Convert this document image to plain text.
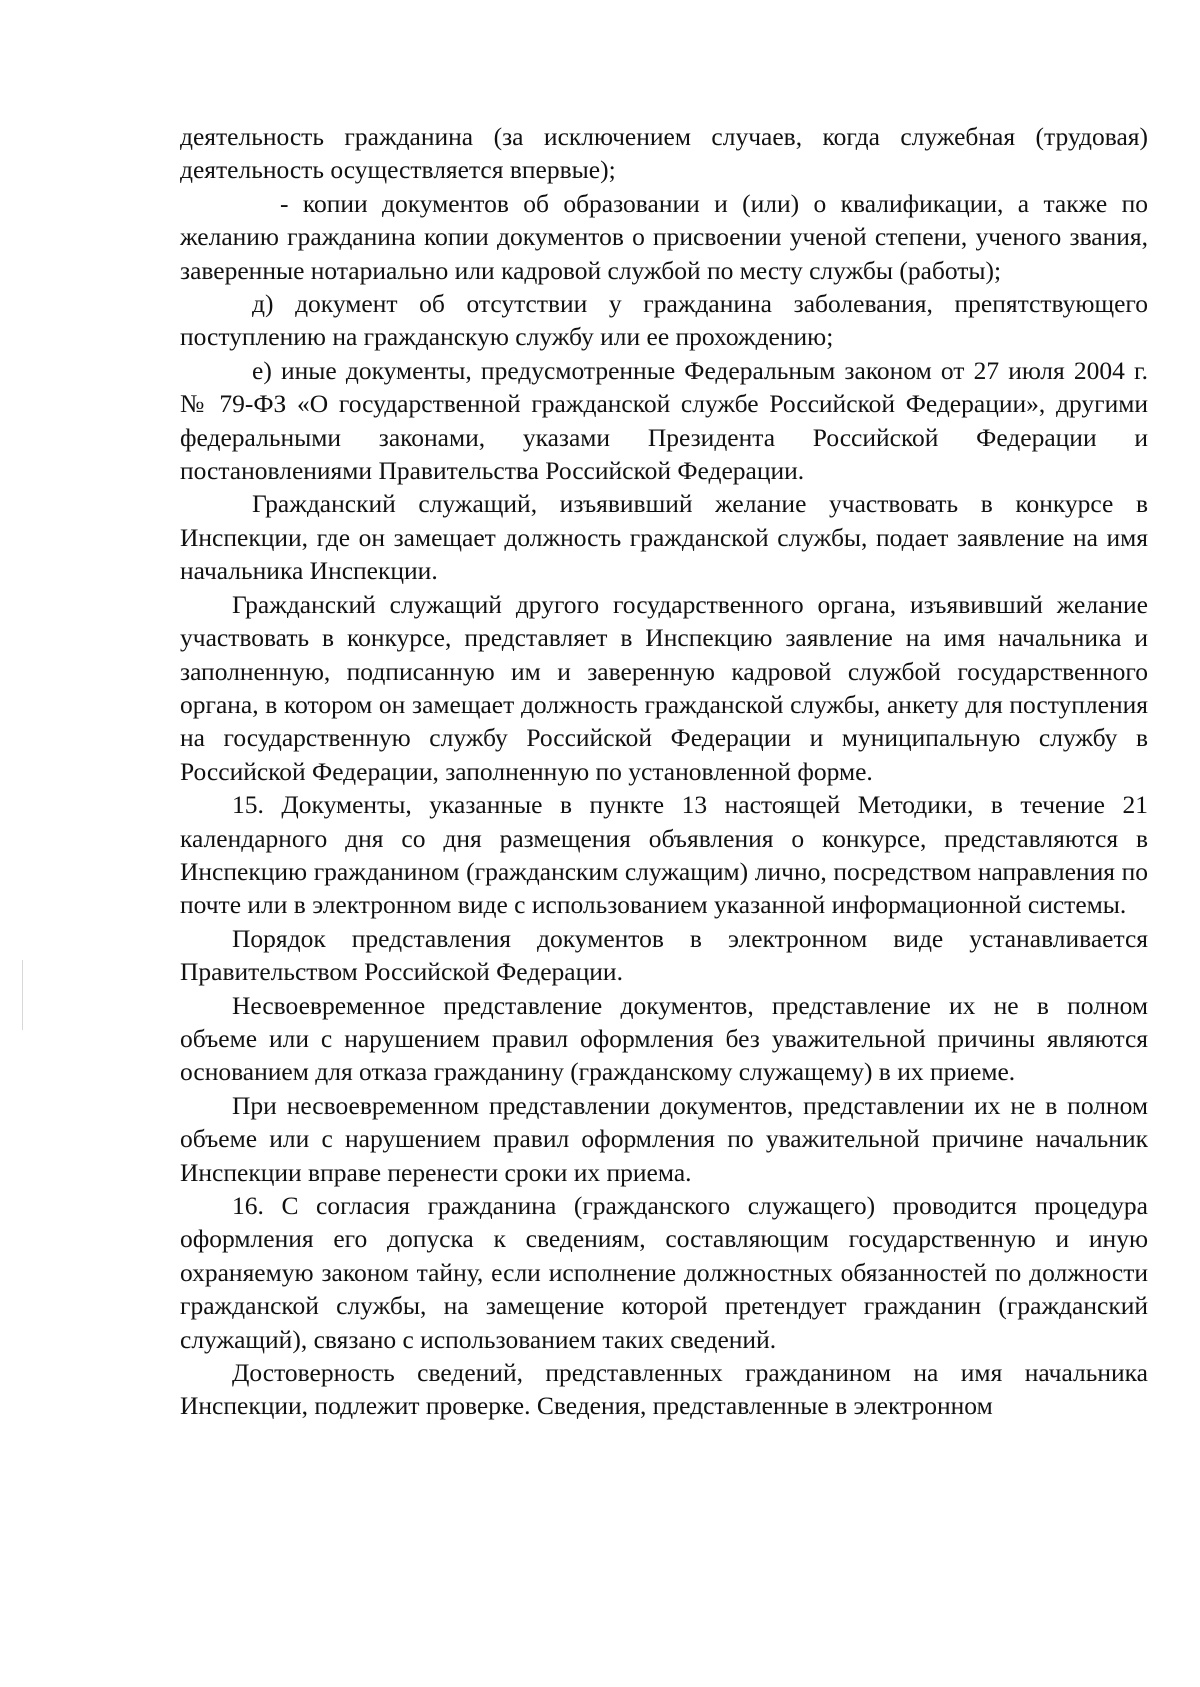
деятельность гражданина (за исключением случаев, когда служебная (трудовая) деятельность осуществляется впервые);

- копии документов об образовании и (или) о квалификации, а также по желанию гражданина копии документов о присвоении ученой степени, ученого звания, заверенные нотариально или кадровой службой по месту службы (работы);

д) документ об отсутствии у гражданина заболевания, препятствующего поступлению на гражданскую службу или ее прохождению;

е) иные документы, предусмотренные Федеральным законом от 27 июля 2004 г. № 79-ФЗ «О государственной гражданской службе Российской Федерации», другими федеральными законами, указами Президента Российской Федерации и постановлениями Правительства Российской Федерации.

Гражданский служащий, изъявивший желание участвовать в конкурсе в Инспекции, где он замещает должность гражданской службы, подает заявление на имя начальника Инспекции.

Гражданский служащий другого государственного органа, изъявивший желание участвовать в конкурсе, представляет в Инспекцию заявление на имя начальника и заполненную, подписанную им и заверенную кадровой службой государственного органа, в котором он замещает должность гражданской службы, анкету для поступления на государственную службу Российской Федерации и муниципальную службу в Российской Федерации, заполненную по установленной форме.

15. Документы, указанные в пункте 13 настоящей Методики, в течение 21 календарного дня со дня размещения объявления о конкурсе, представляются в Инспекцию гражданином (гражданским служащим) лично, посредством направления по почте или в электронном виде с использованием указанной информационной системы.

Порядок представления документов в электронном виде устанавливается Правительством Российской Федерации.

Несвоевременное представление документов, представление их не в полном объеме или с нарушением правил оформления без уважительной причины являются основанием для отказа гражданину (гражданскому служащему) в их приеме.

При несвоевременном представлении документов, представлении их не в полном объеме или с нарушением правил оформления по уважительной причине начальник Инспекции вправе перенести сроки их приема.

16. С согласия гражданина (гражданского служащего) проводится процедура оформления его допуска к сведениям, составляющим государственную и иную охраняемую законом тайну, если исполнение должностных обязанностей по должности гражданской службы, на замещение которой претендует гражданин (гражданский служащий), связано с использованием таких сведений.

Достоверность сведений, представленных гражданином на имя начальника Инспекции, подлежит проверке. Сведения, представленные в электронном
